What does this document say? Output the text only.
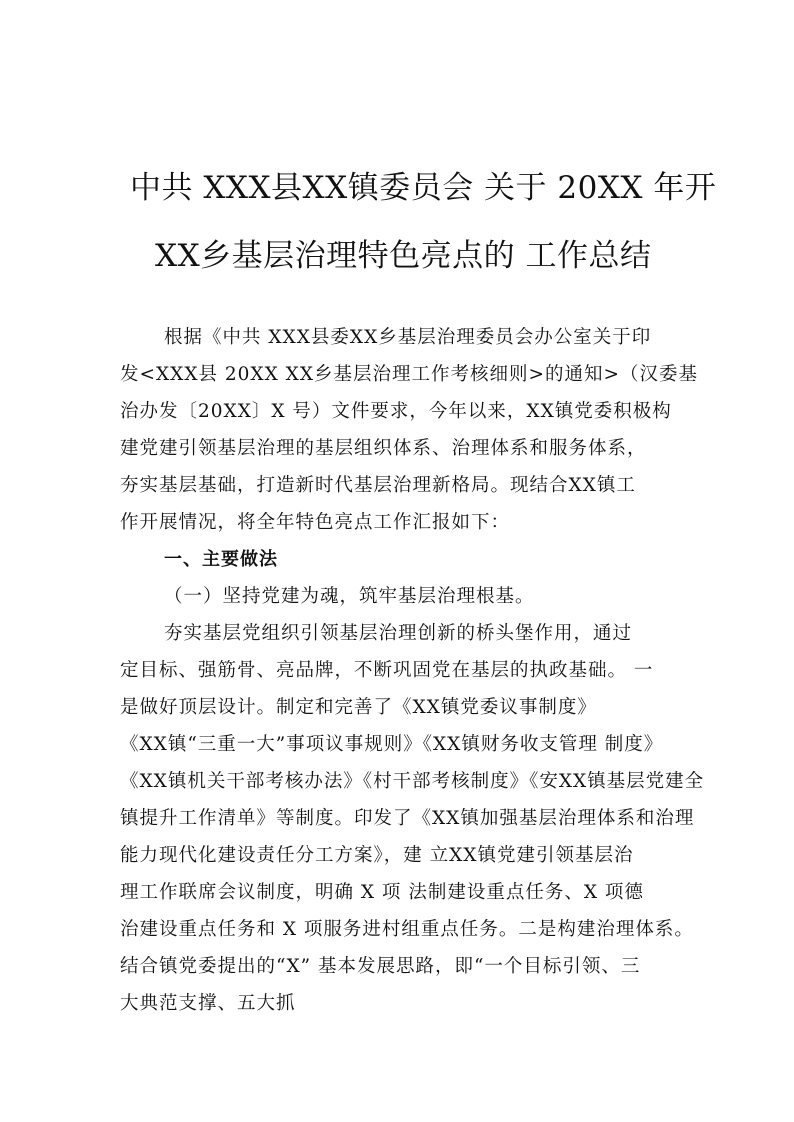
中共 XXX县XX镇委员会 关于 20XX 年开
XX乡基层治理特色亮点的 工作总结

根据《中共 XXX县委XX乡基层治理委员会办公室关于印

发<XXX县 20XX XX乡基层治理工作考核细则>的通知>（汉委基

治办发〔20XX〕X 号）文件要求，今年以来，XX镇党委积极构

建党建引领基层治理的基层组织体系、治理体系和服务体系，

夯实基层基础，打造新时代基层治理新格局。现结合XX镇工

作开展情况，将全年特色亮点工作汇报如下：

一、主要做法

（一）坚持党建为魂，筑牢基层治理根基。

夯实基层党组织引领基层治理创新的桥头堡作用，通过

定目标、强筋骨、亮品牌，不断巩固党在基层的执政基础。 一

是做好顶层设计。制定和完善了《XX镇党委议事制度》

《XX镇“三重一大”事项议事规则》《XX镇财务收支管理 制度》

《XX镇机关干部考核办法》《村干部考核制度》《安XX镇基层党建全

镇提升工作清单》等制度。印发了《XX镇加强基层治理体系和治理

能力现代化建设责任分工方案》，建 立XX镇党建引领基层治

理工作联席会议制度，明确 X 项 法制建设重点任务、X 项德

治建设重点任务和 X 项服务进村组重点任务。二是构建治理体系。

结合镇党委提出的“X” 基本发展思路，即“一个目标引领、三

大典范支撑、五大抓
